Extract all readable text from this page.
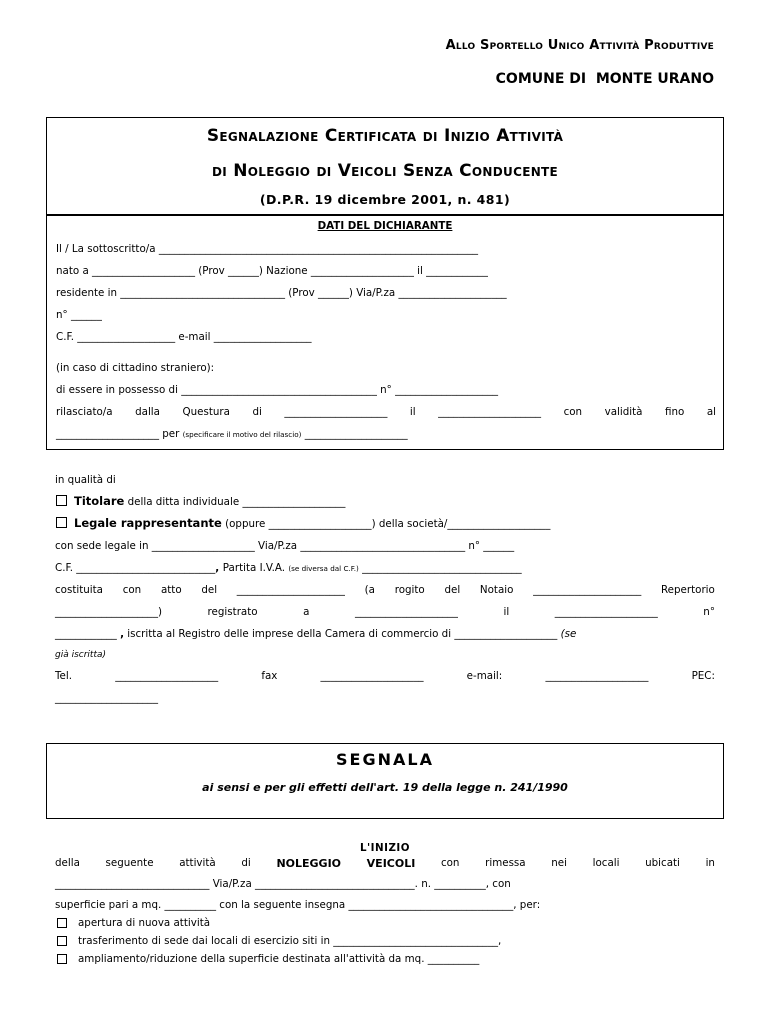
Allo Sportello Unico Attività Produttive
COMUNE DI  MONTE URANO
Segnalazione Certificata di Inizio Attività
di Noleggio di Veicoli Senza Conducente
(D.P.R. 19 dicembre 2001, n. 481)
DATI DEL DICHIARANTE
Il / La sottoscritto/a ______________________________________________________________
nato a ____________________ (Prov ______) Nazione ____________________ il ____________
residente in ________________________________ (Prov ______) Via/P.za _____________________
n° ______
C.F. ___________________ e-mail ___________________
(in caso di cittadino straniero):
di essere in possesso di ______________________________________ n° ____________________
rilasciato/a dalla Questura di ____________________ il ____________________ con validità fino al
____________________ per (specificare il motivo del rilascio) ____________________
in qualità di
Titolare della ditta individuale ____________________
Legale rappresentante (oppure ____________________) della società/____________________
con sede legale in ____________________ Via/P.za ________________________________ n° ______
C.F. ___________________________, Partita I.V.A. (se diversa dal C.F.) _______________________________
costituita con atto del _____________________ (a rogito del Notaio _____________________ Repertorio
____________________)	registrato	a	____________________	il	____________________	n°
____________ , iscritta al Registro delle imprese della Camera di commercio di ____________________ (se
già iscritta)
Tel.	____________________	fax	____________________	e-mail:	____________________	PEC:
____________________
SEGNALA
ai sensi e per gli effetti dell'art. 19 della legge n. 241/1990
L'INIZIO
della seguente attività di NOLEGGIO VEICOLI con rimessa nei locali ubicati in
______________________________ Via/P.za _______________________________. n. __________, con
superficie pari a mq. __________ con la seguente insegna ________________________________, per:
apertura di nuova attività
trasferimento di sede dai locali di esercizio siti in ________________________________,
ampliamento/riduzione della superficie destinata all'attività da mq. __________
